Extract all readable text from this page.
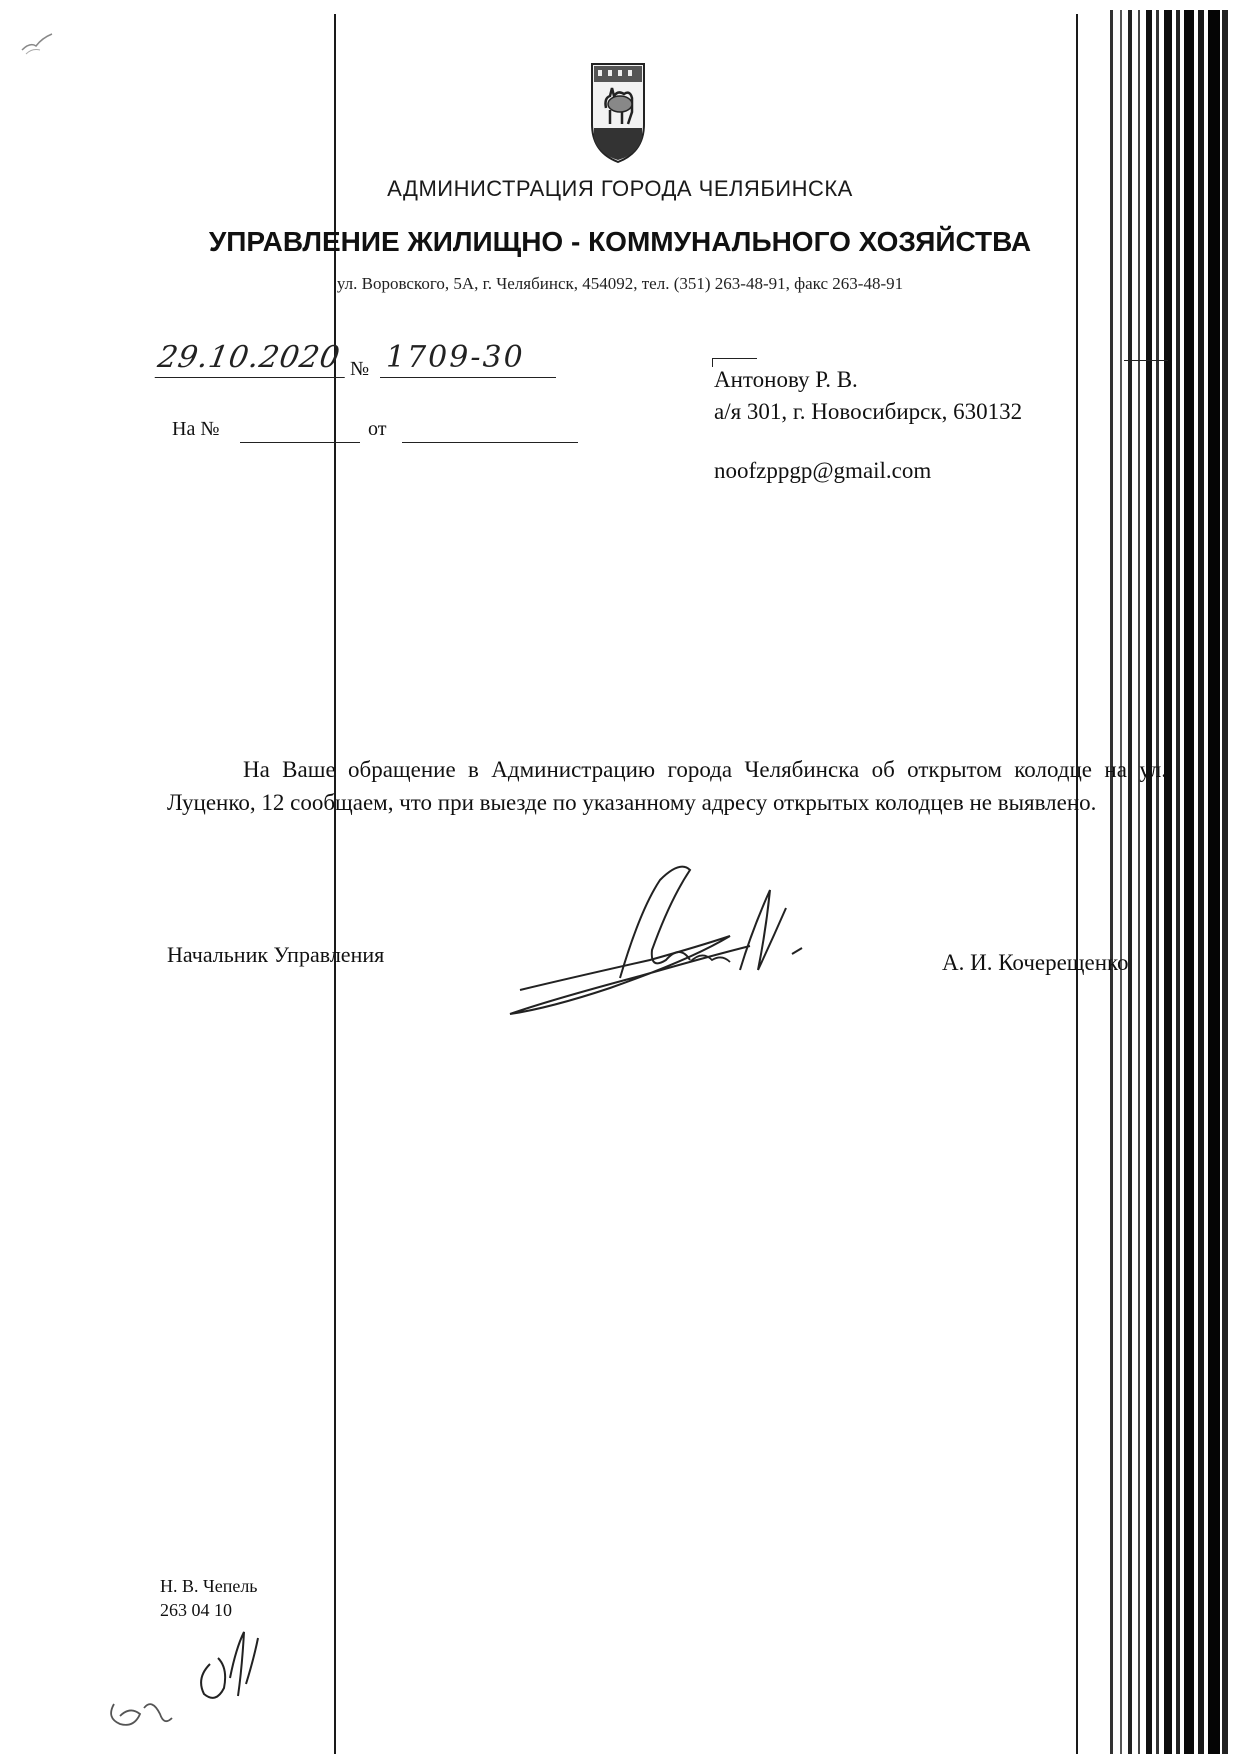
АДМИНИСТРАЦИЯ ГОРОДА ЧЕЛЯБИНСКА
УПРАВЛЕНИЕ ЖИЛИЩНО - КОММУНАЛЬНОГО ХОЗЯЙСТВА
ул. Воровского, 5А, г. Челябинск, 454092, тел. (351) 263-48-91, факс 263-48-91
29.10.2020 № 1709-30
На №	от
Антонову Р. В.
а/я 301, г. Новосибирск, 630132
noofzppgp@gmail.com
На Ваше обращение в Администрацию города Челябинска об открытом колодце на ул. Луценко, 12 сообщаем, что при выезде по указанному адресу открытых колодцев не выявлено.
Начальник Управления	А. И. Кочерещенко
Н. В. Чепель
263 04 10
